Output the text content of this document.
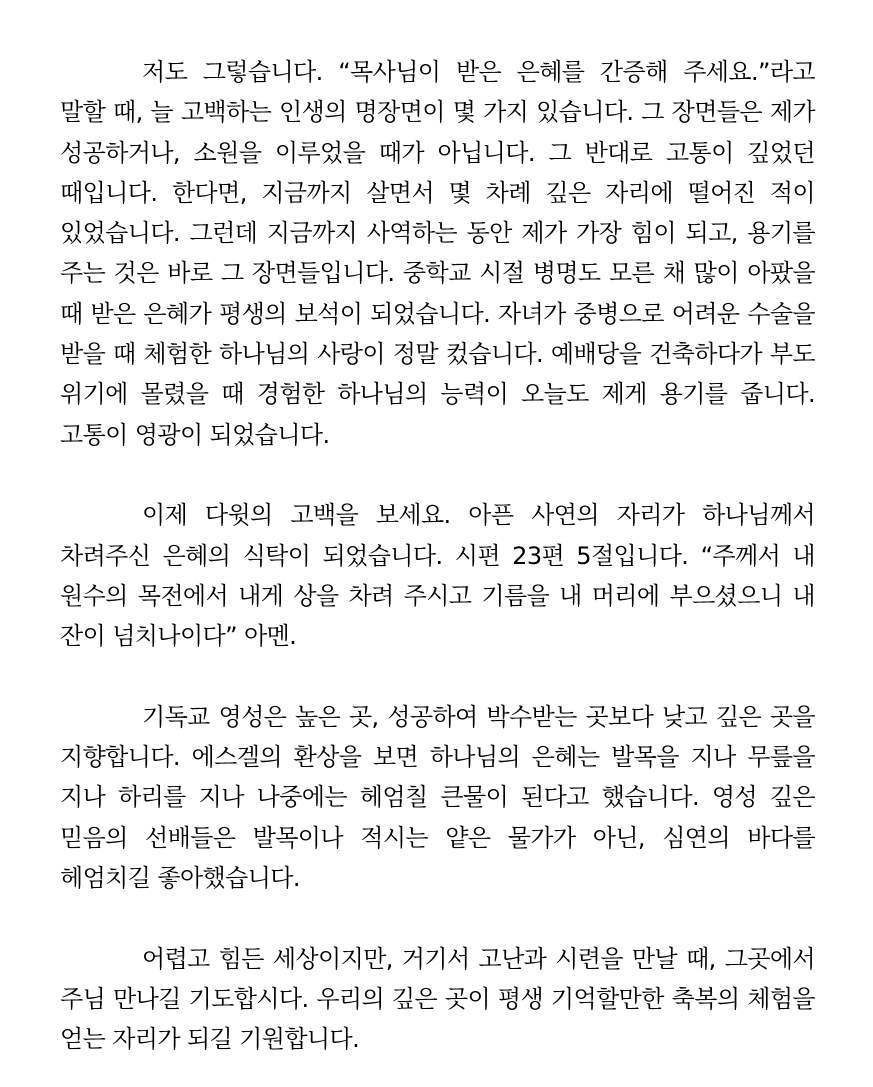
저도 그렇습니다. “목사님이 받은 은혜를 간증해 주세요.”라고 말할 때, 늘 고백하는 인생의 명장면이 몇 가지 있습니다. 그 장면들은 제가 성공하거나, 소원을 이루었을 때가 아닙니다. 그 반대로 고통이 깊었던 때입니다. 한다면, 지금까지 살면서 몇 차례 깊은 자리에 떨어진 적이 있었습니다. 그런데 지금까지 사역하는 동안 제가 가장 힘이 되고, 용기를 주는 것은 바로 그 장면들입니다. 중학교 시절 병명도 모른 채 많이 아팠을 때 받은 은혜가 평생의 보석이 되었습니다. 자녀가 중병으로 어려운 수술을 받을 때 체험한 하나님의 사랑이 정말 컸습니다. 예배당을 건축하다가 부도 위기에 몰렸을 때 경험한 하나님의 능력이 오늘도 제게 용기를 줍니다. 고통이 영광이 되었습니다.

이제 다윗의 고백을 보세요. 아픈 사연의 자리가 하나님께서 차려주신 은혜의 식탁이 되었습니다. 시편 23편 5절입니다. “주께서 내 원수의 목전에서 내게 상을 차려 주시고 기름을 내 머리에 부으셨으니 내 잔이 넘치나이다” 아멘.

기독교 영성은 높은 곳, 성공하여 박수받는 곳보다 낮고 깊은 곳을 지향합니다. 에스겔의 환상을 보면 하나님의 은혜는 발목을 지나 무릎을 지나 하리를 지나 나중에는 헤엄칠 큰물이 된다고 했습니다. 영성 깊은 믿음의 선배들은 발목이나 적시는 얕은 물가가 아닌, 심연의 바다를 헤엄치길 좋아했습니다.

어렵고 힘든 세상이지만, 거기서 고난과 시련을 만날 때, 그곳에서 주님 만나길 기도합시다. 우리의 깊은 곳이 평생 기억할만한 축복의 체험을 얻는 자리가 되길 기원합니다.
